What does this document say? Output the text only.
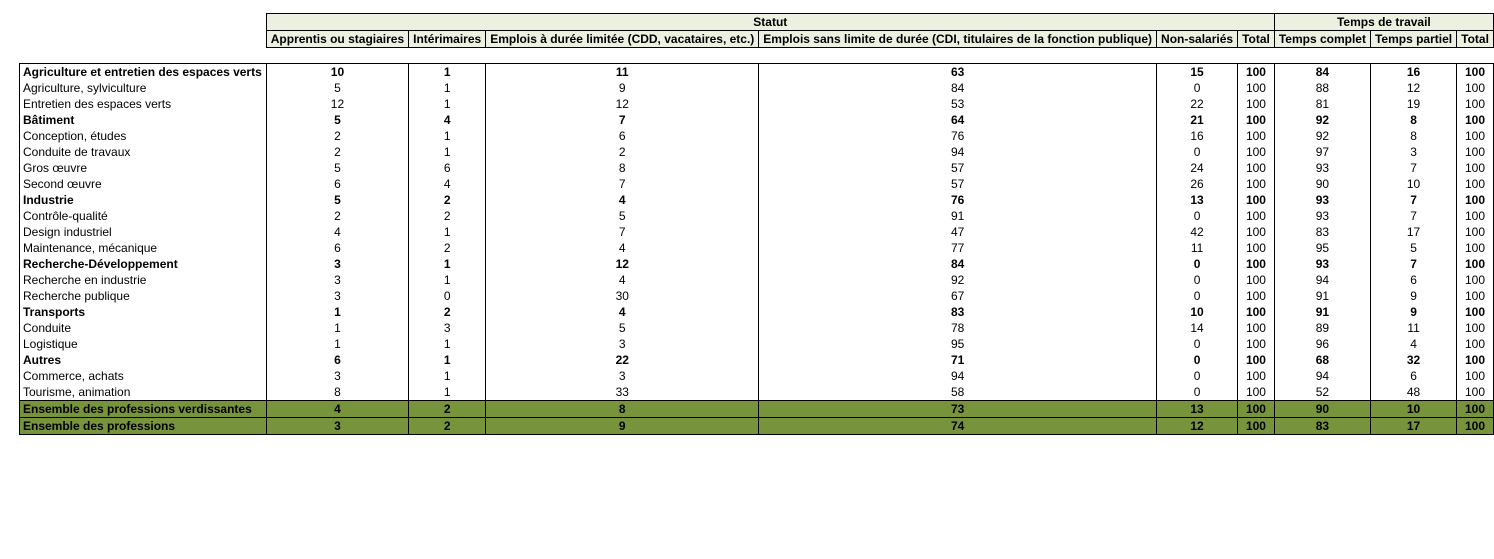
	Statut						Temps de travail		
	Apprentis ou stagiaires	Intérimaires	Emplois à durée limitée (CDD, vacataires, etc.)	Emplois sans limite de durée (CDI, titulaires de la fonction publique)	Non-salariés	Total	Temps complet	Temps partiel	Total

Agriculture et entretien des espaces verts	10	1	11	63	15	100	84	16	100
Agriculture, sylviculture	5	1	9	84	0	100	88	12	100
Entretien des espaces verts	12	1	12	53	22	100	81	19	100
Bâtiment	5	4	7	64	21	100	92	8	100
Conception, études	2	1	6	76	16	100	92	8	100
Conduite de travaux	2	1	2	94	0	100	97	3	100
Gros œuvre	5	6	8	57	24	100	93	7	100
Second œuvre	6	4	7	57	26	100	90	10	100
Industrie	5	2	4	76	13	100	93	7	100
Contrôle-qualité	2	2	5	91	0	100	93	7	100
Design industriel	4	1	7	47	42	100	83	17	100
Maintenance, mécanique	6	2	4	77	11	100	95	5	100
Recherche-Développement	3	1	12	84	0	100	93	7	100
Recherche en industrie	3	1	4	92	0	100	94	6	100
Recherche publique	3	0	30	67	0	100	91	9	100
Transports	1	2	4	83	10	100	91	9	100
Conduite	1	3	5	78	14	100	89	11	100
Logistique	1	1	3	95	0	100	96	4	100
Autres	6	1	22	71	0	100	68	32	100
Commerce, achats	3	1	3	94	0	100	94	6	100
Tourisme, animation	8	1	33	58	0	100	52	48	100
Ensemble des professions verdissantes	4	2	8	73	13	100	90	10	100
Ensemble des professions	3	2	9	74	12	100	83	17	100
